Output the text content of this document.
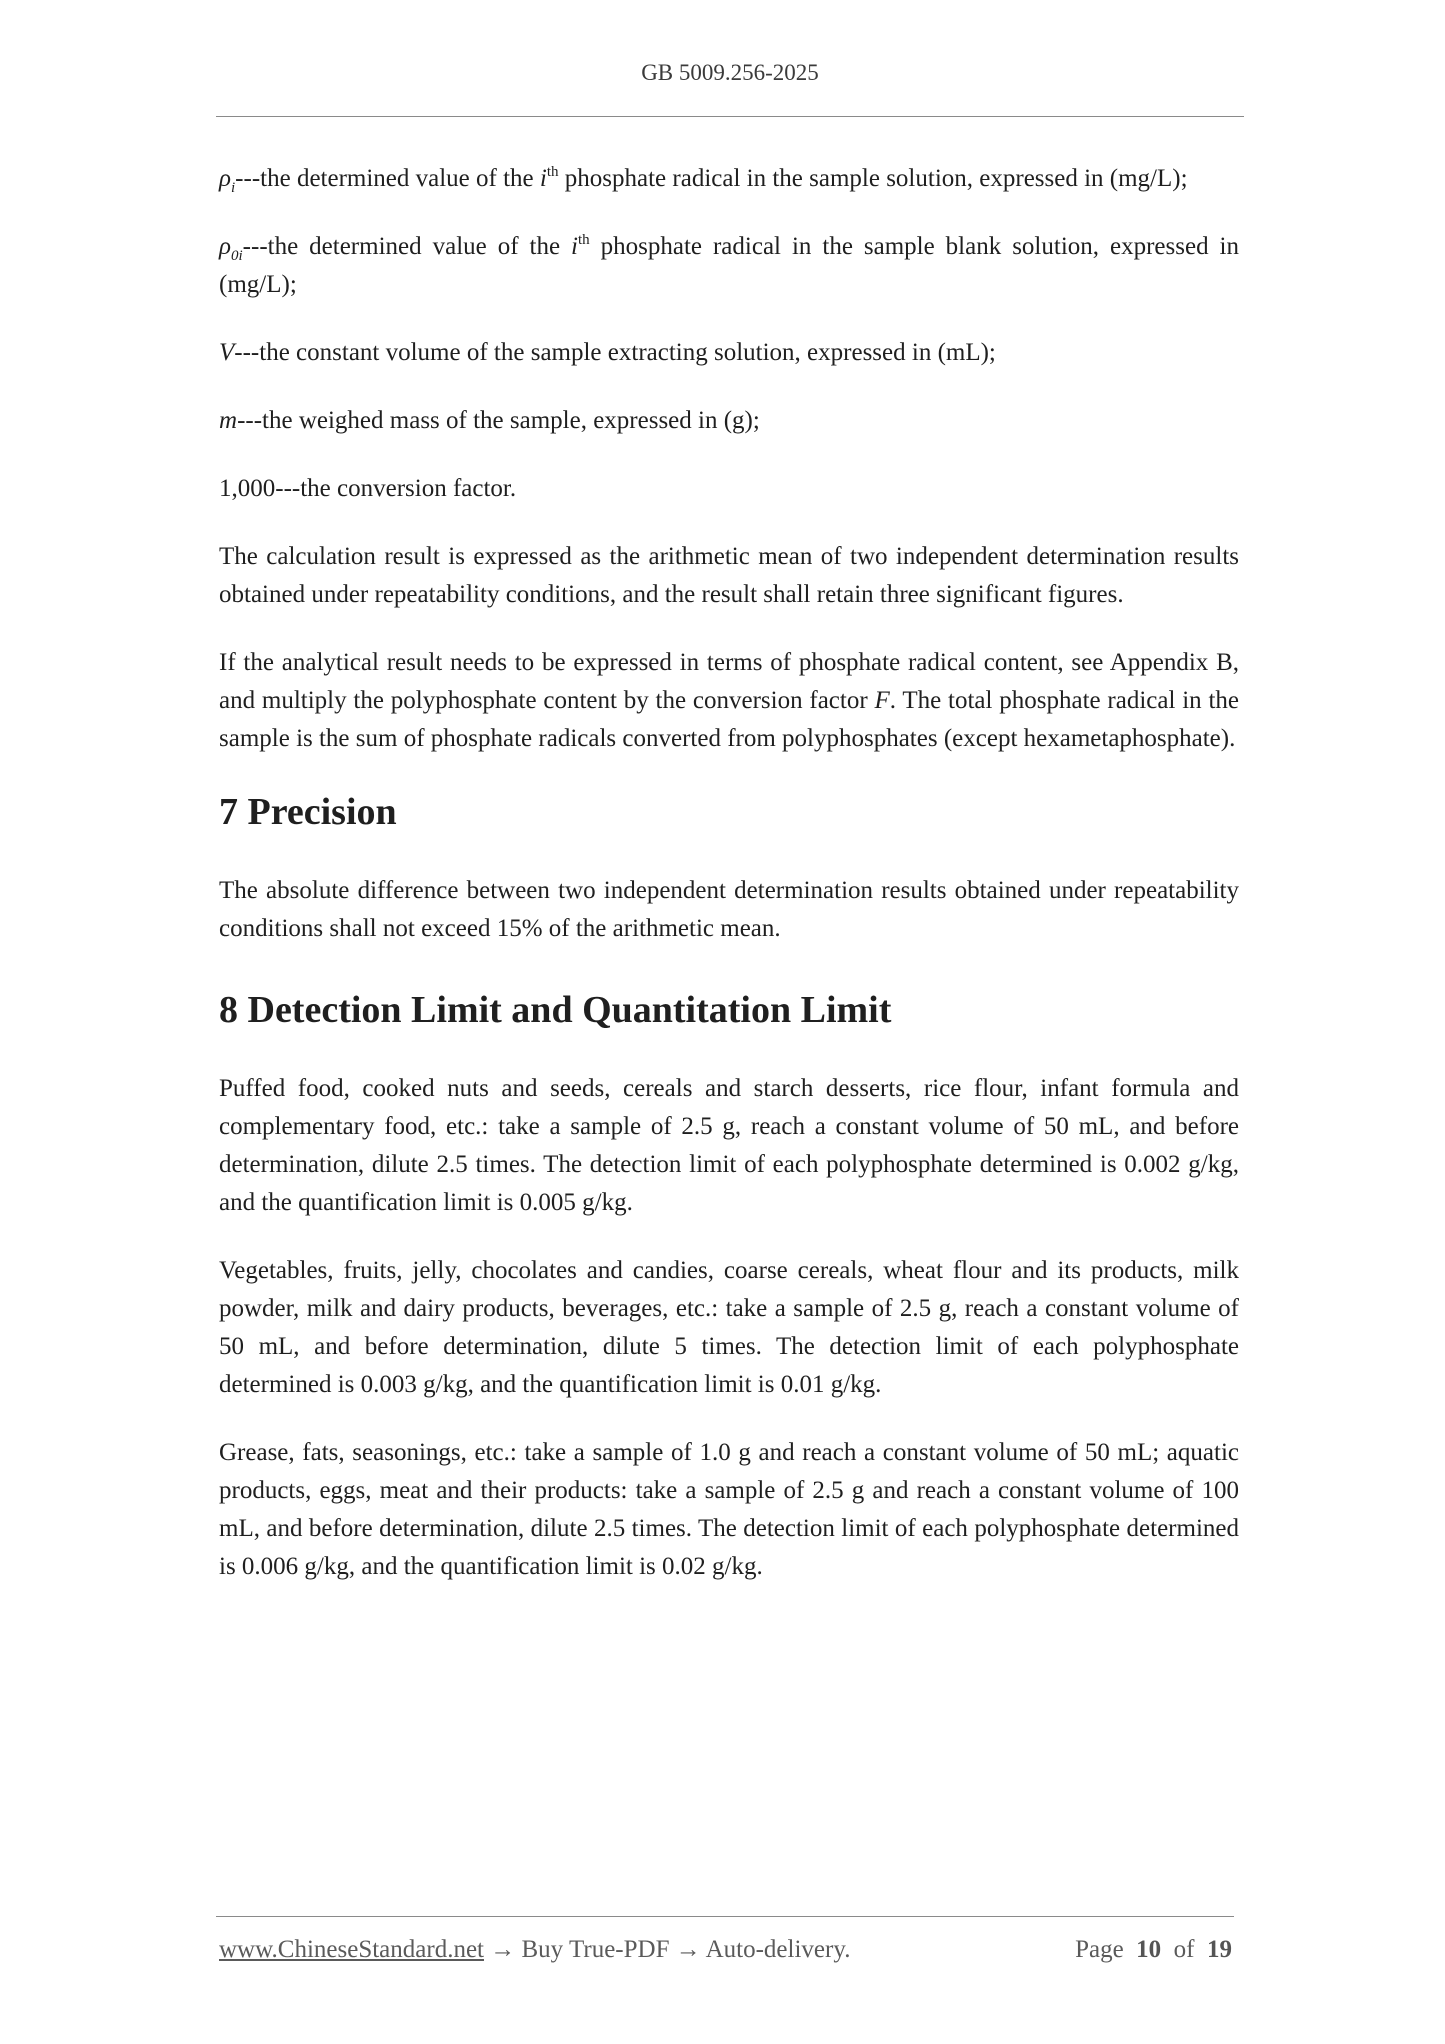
GB 5009.256-2025

$\rho_i--$-the determined value of the $i^{th}$ phosphate radical in the sample solution, expressed in (mg/L);

$\rho_{0i}--$-the determined value of the $i^{th}$ phosphate radical in the sample blank solution, expressed in (mg/L);

V---the constant volume of the sample extracting solution, expressed in (mL);

m---the weighed mass of the sample, expressed in (g);

1,000---the conversion factor.

The calculation result is expressed as the arithmetic mean of two independent determination results obtained under repeatability conditions, and the result shall retain three significant figures.

If the analytical result needs to be expressed in terms of phosphate radical content, see Appendix B, and multiply the polyphosphate content by the conversion factor F. The total phosphate radical in the sample is the sum of phosphate radicals converted from polyphosphates (except hexametaphosphate).

7 Precision

The absolute difference between two independent determination results obtained under repeatability conditions shall not exceed 15% of the arithmetic mean.

8 Detection Limit and Quantitation Limit

Puffed food, cooked nuts and seeds, cereals and starch desserts, rice flour, infant formula and complementary food, etc.: take a sample of 2.5 g, reach a constant volume of 50 mL, and before determination, dilute 2.5 times. The detection limit of each polyphosphate determined is 0.002 g/kg, and the quantification limit is 0.005 g/kg.

Vegetables, fruits, jelly, chocolates and candies, coarse cereals, wheat flour and its products, milk powder, milk and dairy products, beverages, etc.: take a sample of 2.5 g, reach a constant volume of 50 mL, and before determination, dilute 5 times. The detection limit of each polyphosphate determined is 0.003 g/kg, and the quantification limit is 0.01 g/kg.

Grease, fats, seasonings, etc.: take a sample of 1.0 g and reach a constant volume of 50 mL; aquatic products, eggs, meat and their products: take a sample of 2.5 g and reach a constant volume of 100 mL, and before determination, dilute 2.5 times. The detection limit of each polyphosphate determined is 0.006 g/kg, and the quantification limit is 0.02 g/kg.

www.ChineseStandard.net → Buy True-PDF → Auto-delivery.	Page 10 of 19
